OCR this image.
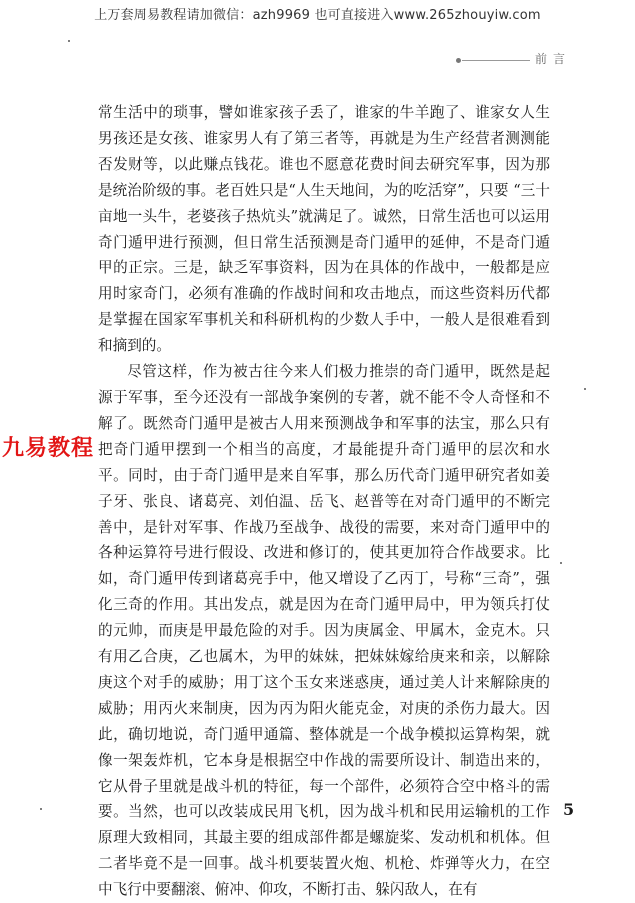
上万套周易教程请加微信：azh9969 也可直接进入www.265zhouyiw.com
前言
九易教程

常生活中的琐事，譬如谁家孩子丢了，谁家的牛羊跑了、谁家女人生男孩还是女孩、谁家男人有了第三者等，再就是为生产经营者测测能否发财等，以此赚点钱花。谁也不愿意花费时间去研究军事，因为那是统治阶级的事。老百姓只是“人生天地间，为的吃活穿”，只要 “三十亩地一头牛，老婆孩子热炕头”就满足了。诚然，日常生活也可以运用奇门遁甲进行预测，但日常生活预测是奇门遁甲的延伸，不是奇门遁甲的正宗。三是，缺乏军事资料，因为在具体的作战中，一般都是应用时家奇门，必须有准确的作战时间和攻击地点，而这些资料历代都是掌握在国家军事机关和科研机构的少数人手中，一般人是很难看到和摘到的。

尽管这样，作为被古往今来人们极力推崇的奇门遁甲，既然是起源于军事，至今还没有一部战争案例的专著，就不能不令人奇怪和不解了。既然奇门遁甲是被古人用来预测战争和军事的法宝，那么只有把奇门遁甲摆到一个相当的高度，才最能提升奇门遁甲的层次和水平。同时，由于奇门遁甲是来自军事，那么历代奇门遁甲研究者如姜子牙、张良、诸葛亮、刘伯温、岳飞、赵普等在对奇门遁甲的不断完善中，是针对军事、作战乃至战争、战役的需要，来对奇门遁甲中的各种运算符号进行假设、改进和修订的，使其更加符合作战要求。比如，奇门遁甲传到诸葛亮手中，他又增设了乙丙丁，号称“三奇”，强化三奇的作用。其出发点，就是因为在奇门遁甲局中，甲为领兵打仗的元帅，而庚是甲最危险的对手。因为庚属金、甲属木，金克木。只有用乙合庚，乙也属木，为甲的妹妹，把妹妹嫁给庚来和亲，以解除庚这个对手的威胁；用丁这个玉女来迷惑庚，通过美人计来解除庚的威胁；用丙火来制庚，因为丙为阳火能克金，对庚的杀伤力最大。因此，确切地说，奇门遁甲通篇、整体就是一个战争模拟运算构架，就像一架轰炸机，它本身是根据空中作战的需要所设计、制造出来的，它从骨子里就是战斗机的特征，每一个部件，必须符合空中格斗的需要。当然，也可以改装成民用飞机，因为战斗机和民用运输机的工作原理大致相同，其最主要的组成部件都是螺旋桨、发动机和机体。但二者毕竟不是一回事。战斗机要装置火炮、机枪、炸弹等火力，在空中飞行中要翻滚、俯冲、仰攻，不断打击、躲闪敌人，在有

5
